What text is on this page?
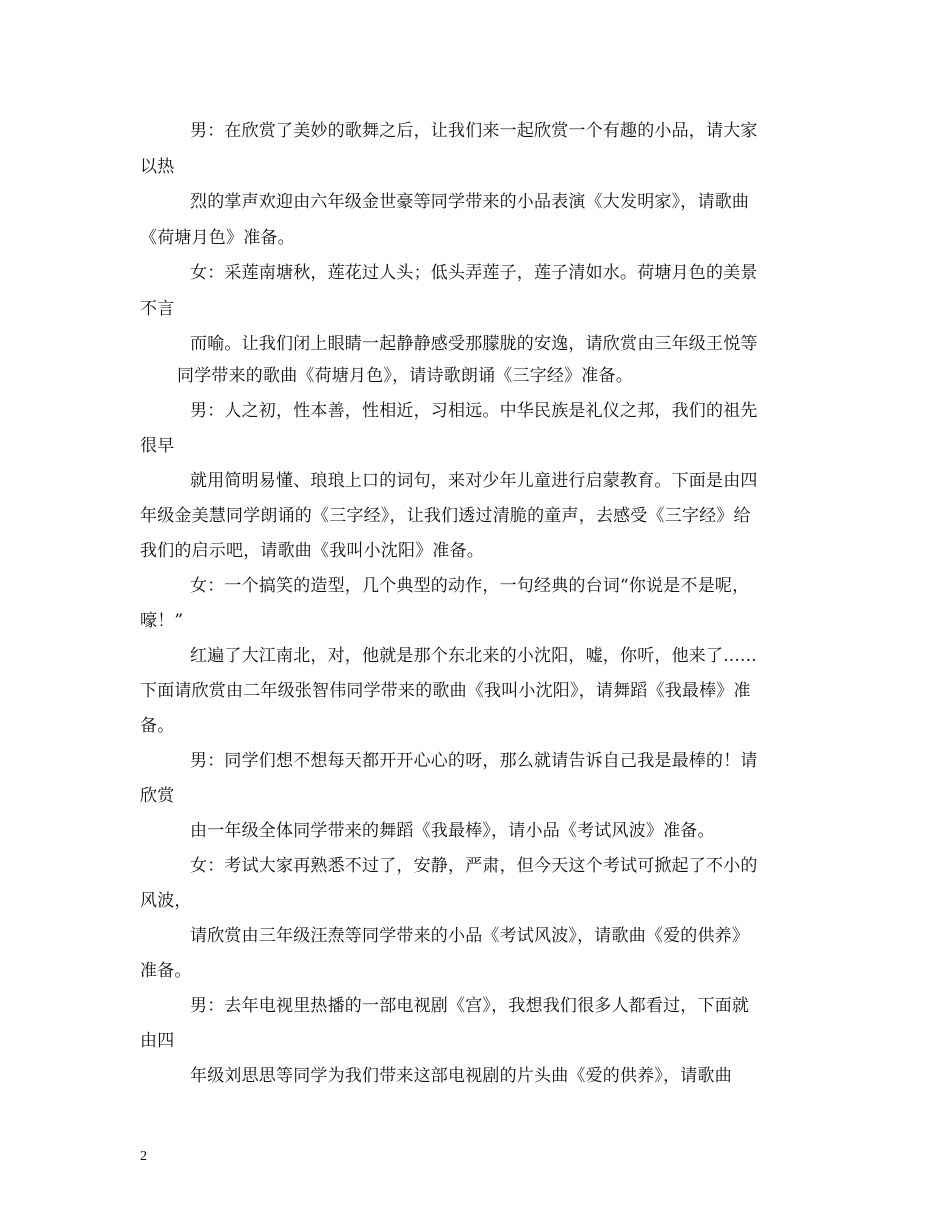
男：在欣赏了美妙的歌舞之后，让我们来一起欣赏一个有趣的小品，请大家
以热
烈的掌声欢迎由六年级金世豪等同学带来的小品表演《大发明家》，请歌曲
《荷塘月色》准备。
女：采莲南塘秋，莲花过人头；低头弄莲子，莲子清如水。荷塘月色的美景
不言
而喻。让我们闭上眼睛一起静静感受那朦胧的安逸，请欣赏由三年级王悦等
同学带来的歌曲《荷塘月色》，请诗歌朗诵《三字经》准备。
男：人之初，性本善，性相近，习相远。中华民族是礼仪之邦，我们的祖先
很早
就用简明易懂、琅琅上口的词句，来对少年儿童进行启蒙教育。下面是由四
年级金美慧同学朗诵的《三字经》，让我们透过清脆的童声，去感受《三字经》给
我们的启示吧，请歌曲《我叫小沈阳》准备。
女：一个搞笑的造型，几个典型的动作，一句经典的台词“你说是不是呢，
嚎！”
红遍了大江南北，对，他就是那个东北来的小沈阳，嘘，你听，他来了......
下面请欣赏由二年级张智伟同学带来的歌曲《我叫小沈阳》，请舞蹈《我最棒》准
备。
男：同学们想不想每天都开开心心的呀，那么就请告诉自己我是最棒的！请
欣赏
由一年级全体同学带来的舞蹈《我最棒》，请小品《考试风波》准备。
女：考试大家再熟悉不过了，安静，严肃，但今天这个考试可掀起了不小的
风波，
请欣赏由三年级汪焘等同学带来的小品《考试风波》，请歌曲《爱的供养》
准备。
男：去年电视里热播的一部电视剧《宫》，我想我们很多人都看过，下面就
由四
年级刘思思等同学为我们带来这部电视剧的片头曲《爱的供养》，请歌曲
2
